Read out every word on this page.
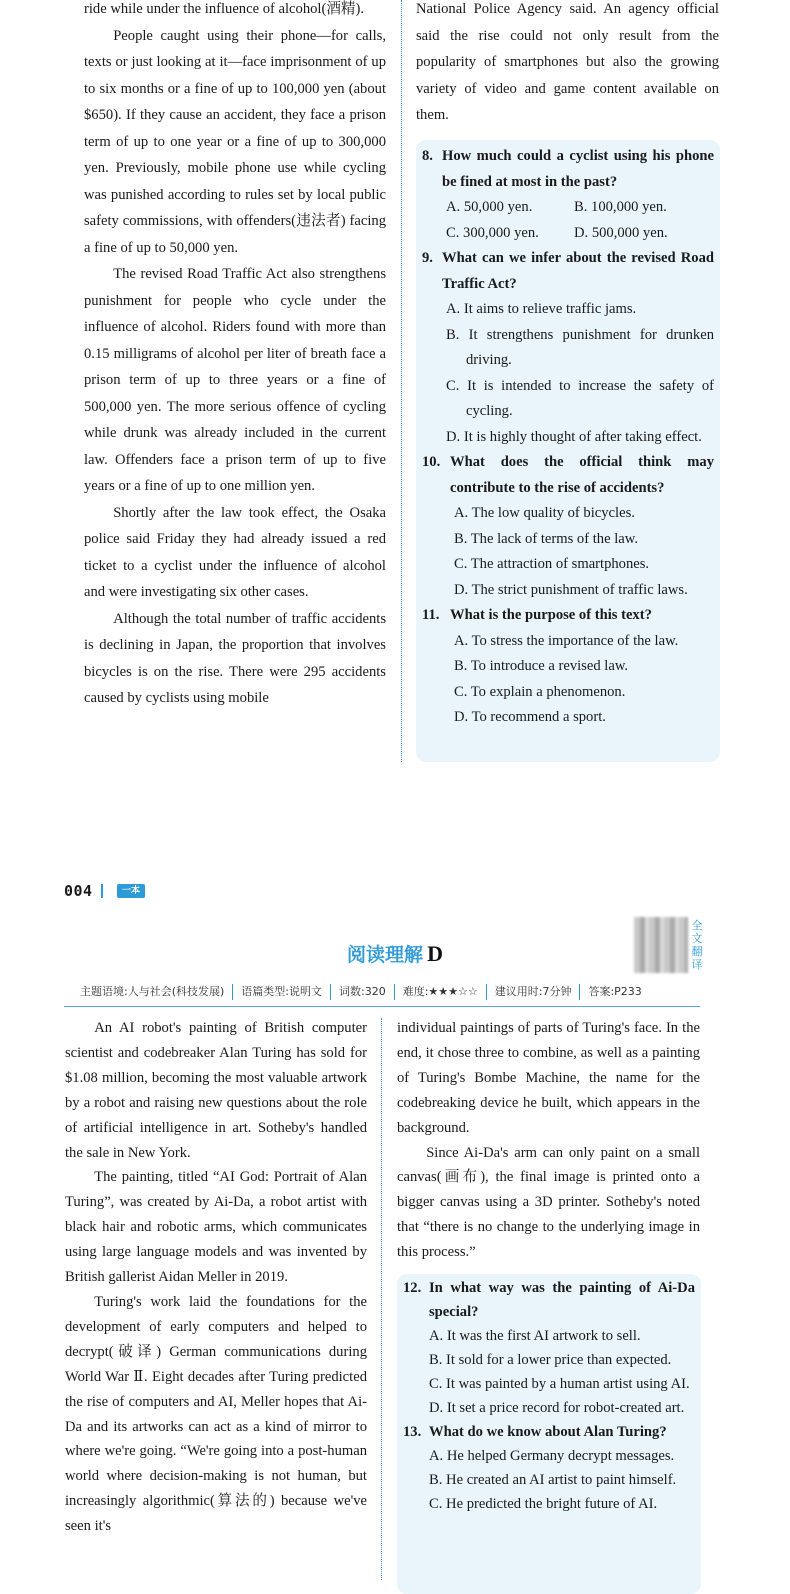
ride while under the influence of alcohol(酒精).

People caught using their phone—for calls, texts or just looking at it—face imprisonment of up to six months or a fine of up to 100,000 yen (about $650). If they cause an accident, they face a prison term of up to one year or a fine of up to 300,000 yen. Previously, mobile phone use while cycling was punished according to rules set by local public safety commissions, with offenders(违法者) facing a fine of up to 50,000 yen.

The revised Road Traffic Act also strengthens punishment for people who cycle under the influence of alcohol. Riders found with more than 0.15 milligrams of alcohol per liter of breath face a prison term of up to three years or a fine of 500,000 yen. The more serious offence of cycling while drunk was already included in the current law. Offenders face a prison term of up to five years or a fine of up to one million yen.

Shortly after the law took effect, the Osaka police said Friday they had already issued a red ticket to a cyclist under the influence of alcohol and were investigating six other cases.

Although the total number of traffic accidents is declining in Japan, the proportion that involves bicycles is on the rise. There were 295 accidents caused by cyclists using mobile

National Police Agency said. An agency official said the rise could not only result from the popularity of smartphones but also the growing variety of video and game content available on them.

8. How much could a cyclist using his phone be fined at most in the past?

A. 50,000 yen.	B. 100,000 yen.
C. 300,000 yen.	D. 500,000 yen.

9. What can we infer about the revised Road Traffic Act?

A. It aims to relieve traffic jams.

B. It strengthens punishment for drunken driving.

C. It is intended to increase the safety of cycling.

D. It is highly thought of after taking effect.

10. What does the official think may contribute to the rise of accidents?

A. The low quality of bicycles.

B. The lack of terms of the law.

C. The attraction of smartphones.

D. The strict punishment of traffic laws.

11. What is the purpose of this text?

A. To stress the importance of the law.

B. To introduce a revised law.

C. To explain a phenomenon.

D. To recommend a sport.

004	一本
阅读理解 D
全文翻译
主题语境:人与社会(科技发展)	语篇类型:说明文	词数:320	难度:★★★☆☆	建议用时:7分钟	答案:P233

An AI robot's painting of British computer scientist and codebreaker Alan Turing has sold for $1.08 million, becoming the most valuable artwork by a robot and raising new questions about the role of artificial intelligence in art. Sotheby's handled the sale in New York.

The painting, titled “AI God: Portrait of Alan Turing”, was created by Ai-Da, a robot artist with black hair and robotic arms, which communicates using large language models and was invented by British gallerist Aidan Meller in 2019.

Turing's work laid the foundations for the development of early computers and helped to decrypt(破译) German communications during World War Ⅱ. Eight decades after Turing predicted the rise of computers and AI, Meller hopes that Ai-Da and its artworks can act as a kind of mirror to where we're going. “We're going into a post-human world where decision-making is not human, but increasingly algorithmic(算法的) because we've seen it's

individual paintings of parts of Turing's face. In the end, it chose three to combine, as well as a painting of Turing's Bombe Machine, the name for the codebreaking device he built, which appears in the background.

Since Ai-Da's arm can only paint on a small canvas(画布), the final image is printed onto a bigger canvas using a 3D printer. Sotheby's noted that “there is no change to the underlying image in this process.”

12. In what way was the painting of Ai-Da special?

A. It was the first AI artwork to sell.

B. It sold for a lower price than expected.

C. It was painted by a human artist using AI.

D. It set a price record for robot-created art.

13. What do we know about Alan Turing?

A. He helped Germany decrypt messages.

B. He created an AI artist to paint himself.

C. He predicted the bright future of AI.
